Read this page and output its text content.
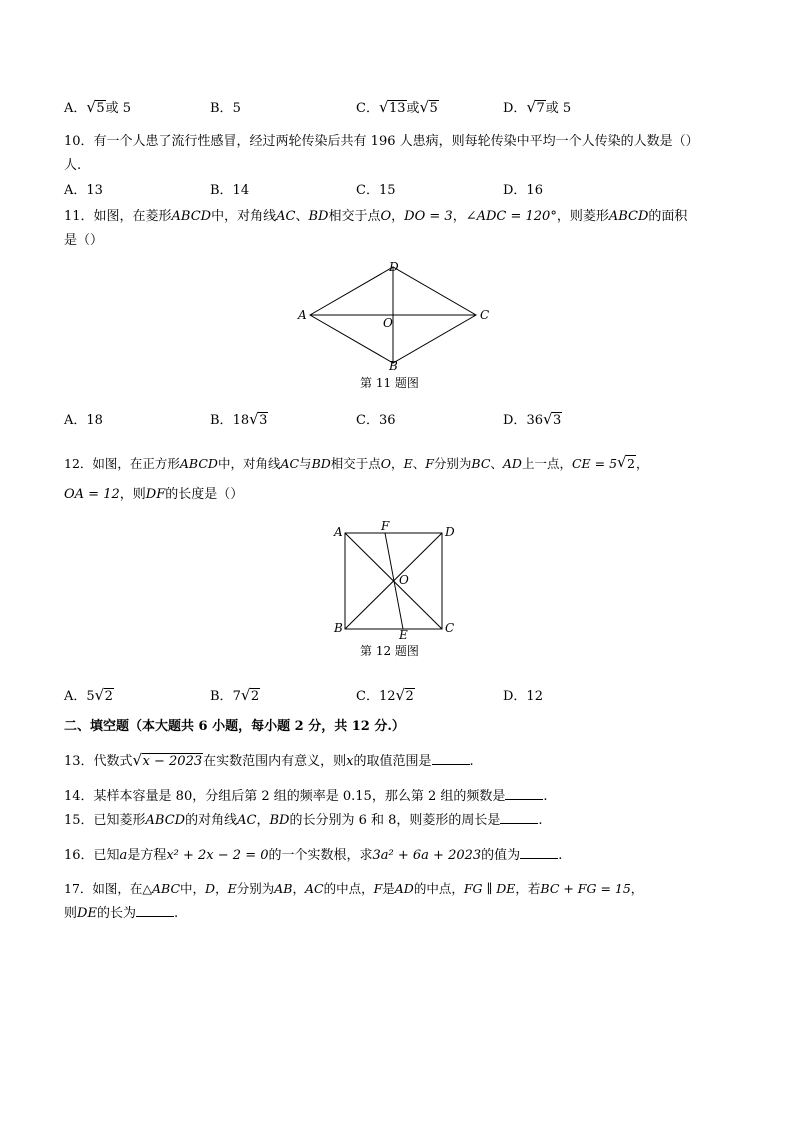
A． √ 5或 5	B．5	C． √ 13或 √ 5	D． √ 7或 5
10．有一个人患了流行性感冒，经过两轮传染后共有 196 人患病，则每轮传染中平均一个人传染的人数是（）
人.
A．13	B．14	C．15	D．16
11．如图，在菱形ABCD中，对角线AC、BD相交于点O，DO = 3，∠ADC = 120°，则菱形ABCD的面积
是（）
D
A	C
O
B
第 11 题图
A．18	B．18 √ 3	C．36	D．36 √ 3
12．如图，在正方形ABCD中，对角线AC与BD相交于点O，E、F分别为BC、AD上一点，CE = 5 √ 2，
OA = 12，则DF的长度是（）
A	F	D
O
B	E	C
第 12 题图
A．5 √ 2	B．7 √ 2	C．12 √ 2	D．12
二、填空题（本大题共 6 小题，每小题 2 分，共 12 分.）
13．代数式 √ x − 2023在实数范围内有意义，则x的取值范围是	.
14．某样本容量是 80，分组后第 2 组的频率是 0.15，那么第 2 组的频数是	.
15．已知菱形ABCD的对角线AC，BD的长分别为 6 和 8，则菱形的周长是	.
16．已知a是方程x² + 2x − 2 = 0的一个实数根，求3a² + 6a + 2023的值为	.
17．如图，在△ABC中，D，E分别为AB，AC的中点，F是AD的中点，FG ∥ DE，若BC + FG = 15，
则DE的长为	.
